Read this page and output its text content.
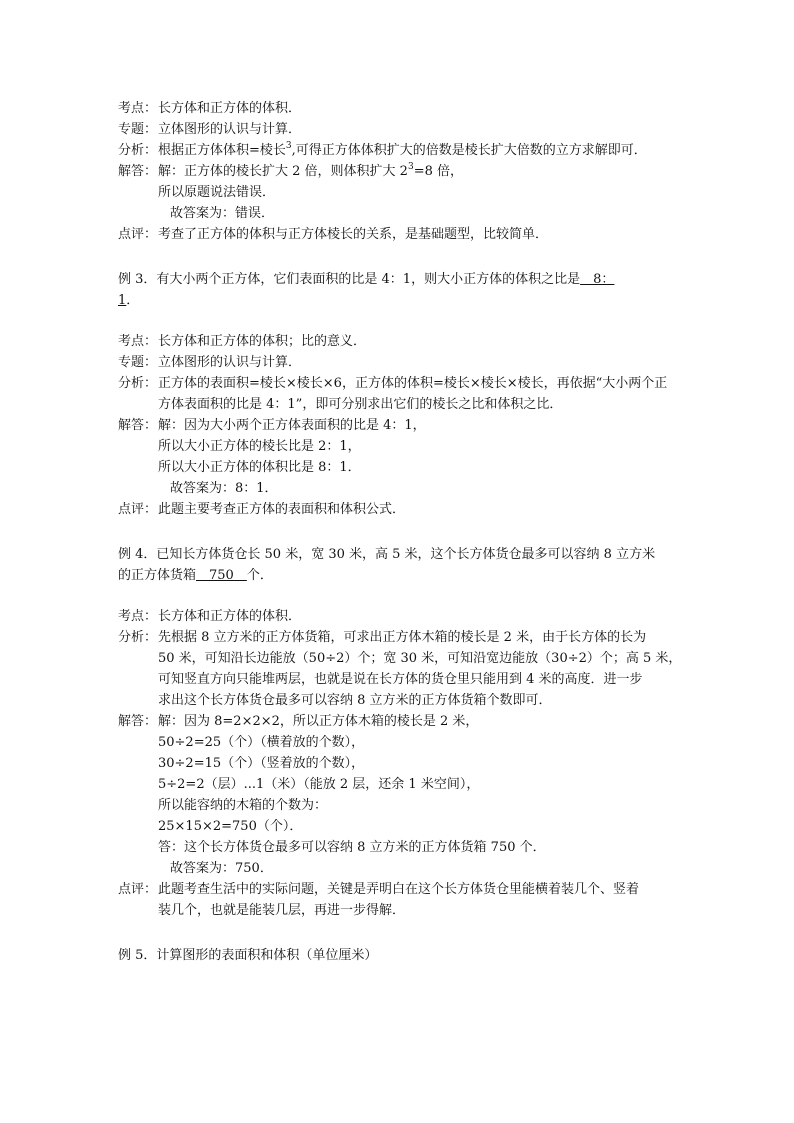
考点： 长方体和正方体的体积．
专题： 立体图形的认识与计算．
分析： 根据正方体体积=棱长$^3$,可得正方体体积扩大的倍数是棱长扩大倍数的立方求解即可．
解答： 解：正方体的棱长扩大 2 倍，则体积扩大 $2^3=8$ 倍，
所以原题说法错误．
故答案为：错误．
点评： 考查了正方体的体积与正方体棱长的关系，是基础题型，比较简单．
例 3．有大小两个正方体，它们表面积的比是 4：1，则大小正方体的体积之比是　8：
1．
考点： 长方体和正方体的体积；比的意义．
专题： 立体图形的认识与计算．
分析： 正方体的表面积=棱长×棱长×6，正方体的体积=棱长×棱长×棱长，再依据“大小两个正
方体表面积的比是 4：1”，即可分别求出它们的棱长之比和体积之比．
解答： 解：因为大小两个正方体表面积的比是 4：1，
所以大小正方体的棱长比是 2：1，
所以大小正方体的体积比是 8：1．
故答案为：8：1．
点评： 此题主要考查正方体的表面积和体积公式．
例 4．已知长方体货仓长 50 米，宽 30 米，高 5 米，这个长方体货仓最多可以容纳 8 立方米
的正方体货箱　750　个．
考点： 长方体和正方体的体积．
分析： 先根据 8 立方米的正方体货箱，可求出正方体木箱的棱长是 2 米，由于长方体的长为
50 米，可知沿长边能放（50÷2）个；宽 30 米，可知沿宽边能放（30÷2）个；高 5 米，
可知竖直方向只能堆两层，也就是说在长方体的货仓里只能用到 4 米的高度．进一步
求出这个长方体货仓最多可以容纳 8 立方米的正方体货箱个数即可．
解答： 解：因为 8=2×2×2，所以正方体木箱的棱长是 2 米，
50÷2=25（个）（横着放的个数），
30÷2=15（个）（竖着放的个数），
5÷2=2（层）...1（米）（能放 2 层，还余 1 米空间），
所以能容纳的木箱的个数为：
25×15×2=750（个）．
答：这个长方体货仓最多可以容纳 8 立方米的正方体货箱 750 个．
故答案为：750．
点评： 此题考查生活中的实际问题，关键是弄明白在这个长方体货仓里能横着装几个、竖着
装几个，也就是能装几层，再进一步得解．
例 5．计算图形的表面积和体积（单位厘米）
